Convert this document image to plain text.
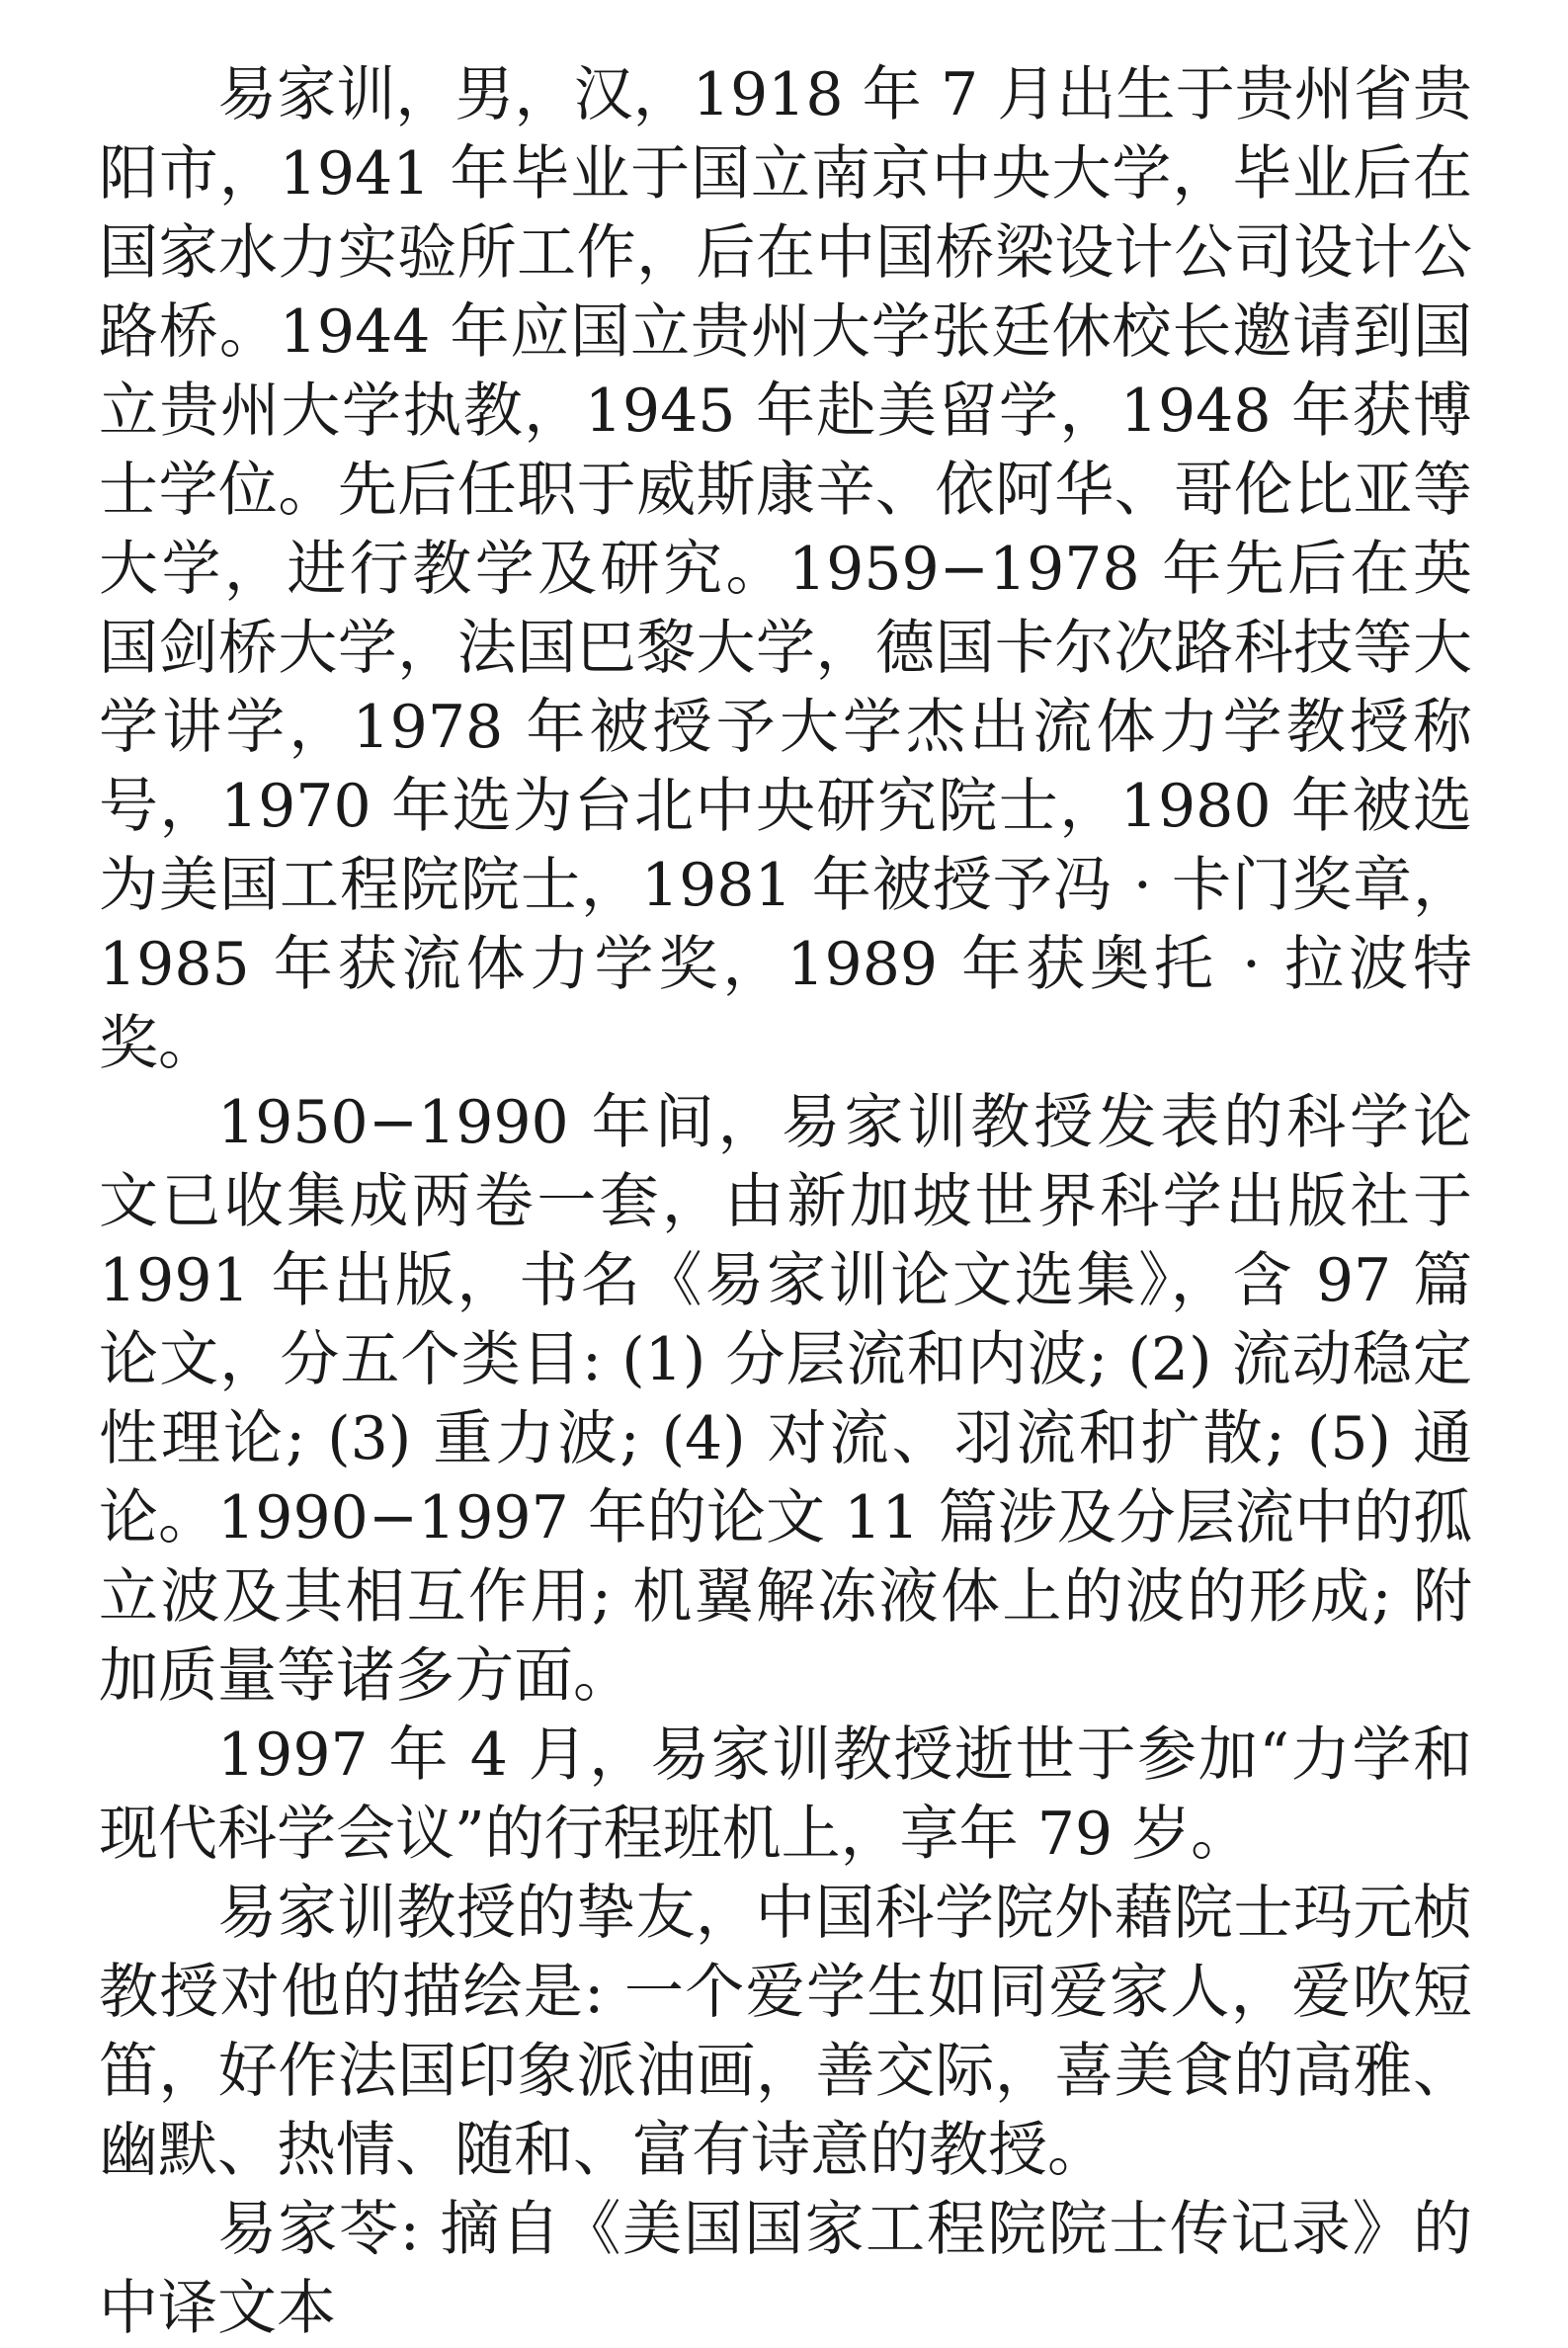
易家训，男，汉，1918 年 7 月出生于贵州省贵阳市，1941 年毕业于国立南京中央大学，毕业后在国家水力实验所工作，后在中国桥梁设计公司设计公路桥。1944 年应国立贵州大学张廷休校长邀请到国立贵州大学执教，1945 年赴美留学，1948 年获博士学位。先后任职于威斯康辛、依阿华、哥伦比亚等大学，进行教学及研究。1959−1978 年先后在英国剑桥大学，法国巴黎大学，德国卡尔次路科技等大学讲学，1978 年被授予大学杰出流体力学教授称号，1970 年选为台北中央研究院士，1980 年被选为美国工程院院士，1981 年被授予冯 · 卡门奖章，1985 年获流体力学奖，1989 年获奥托 · 拉波特奖。

1950−1990 年间，易家训教授发表的科学论文已收集成两卷一套，由新加坡世界科学出版社于 1991 年出版，书名《易家训论文选集》，含 97 篇论文，分五个类目: (1) 分层流和内波; (2) 流动稳定性理论; (3) 重力波; (4) 对流、羽流和扩散; (5) 通论。1990−1997 年的论文 11 篇涉及分层流中的孤立波及其相互作用; 机翼解冻液体上的波的形成; 附加质量等诸多方面。

1997 年 4 月，易家训教授逝世于参加“力学和现代科学会议”的行程班机上，享年 79 岁。

易家训教授的挚友，中国科学院外藉院士玛元桢教授对他的描绘是: 一个爱学生如同爱家人，爱吹短笛，好作法国印象派油画，善交际，喜美食的高雅、幽默、热情、随和、富有诗意的教授。

易家苓: 摘自《美国国家工程院院士传记录》的中译文本
